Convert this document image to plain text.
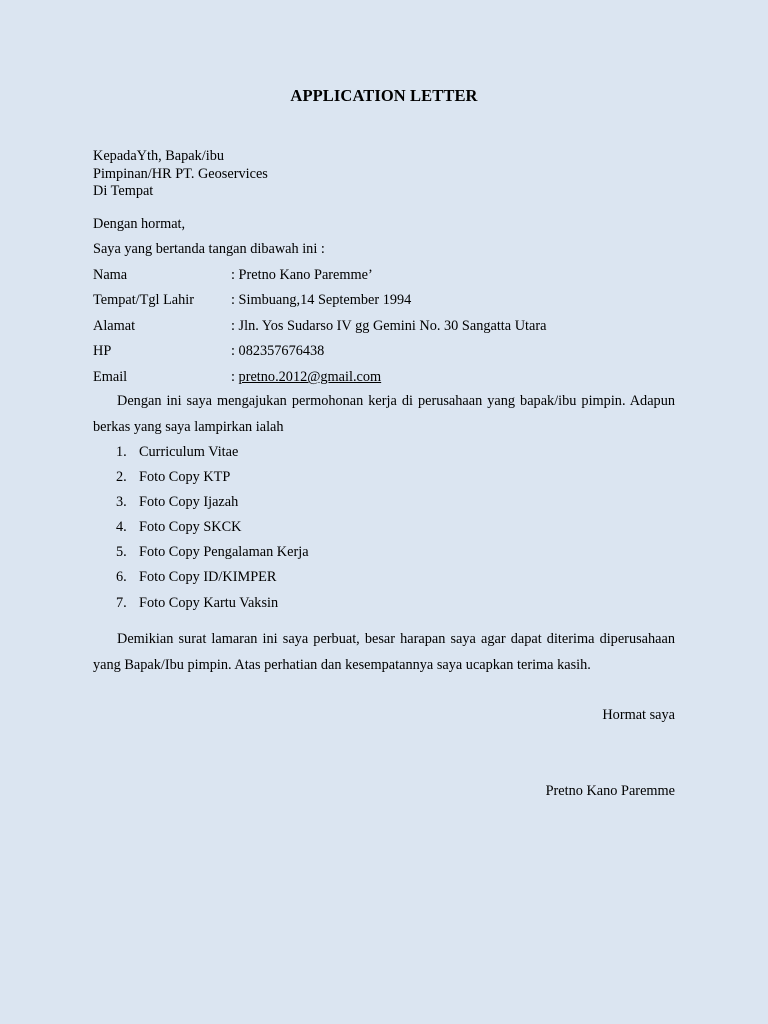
APPLICATION LETTER
KepadaYth, Bapak/ibu
Pimpinan/HR PT. Geoservices
Di Tempat
Dengan hormat,
Saya yang bertanda tangan dibawah ini :
Nama	: Pretno Kano Paremme’
Tempat/Tgl Lahir	: Simbuang,14 September 1994
Alamat	: Jln. Yos Sudarso IV gg Gemini No. 30 Sangatta Utara
HP	: 082357676438
Email	: pretno.2012@gmail.com
Dengan ini saya mengajukan permohonan kerja di perusahaan yang bapak/ibu pimpin. Adapun berkas yang saya lampirkan ialah
1. Curriculum Vitae
2. Foto Copy KTP
3. Foto Copy Ijazah
4. Foto Copy SKCK
5. Foto Copy Pengalaman Kerja
6. Foto Copy ID/KIMPER
7. Foto Copy Kartu Vaksin
Demikian surat lamaran ini saya perbuat, besar harapan saya agar dapat diterima diperusahaan yang Bapak/Ibu pimpin. Atas perhatian dan kesempatannya saya ucapkan terima kasih.
Hormat saya
Pretno Kano Paremme
